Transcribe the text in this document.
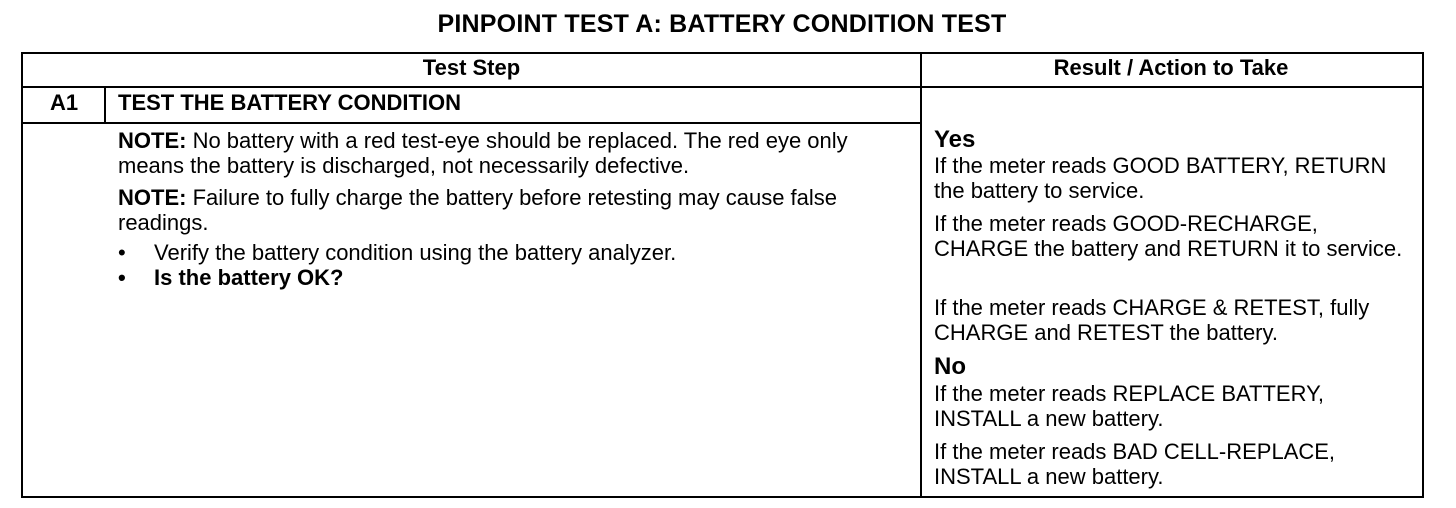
PINPOINT TEST A: BATTERY CONDITION TEST
Test Step	Result / Action to Take
A1	TEST THE BATTERY CONDITION
NOTE: No battery with a red test-eye should be replaced. The red eye only means the battery is discharged, not necessarily defective.
NOTE: Failure to fully charge the battery before retesting may cause false readings.
• Verify the battery condition using the battery analyzer.
• Is the battery OK?
Yes
If the meter reads GOOD BATTERY, RETURN the battery to service.
If the meter reads GOOD-RECHARGE, CHARGE the battery and RETURN it to service.
If the meter reads CHARGE & RETEST, fully CHARGE and RETEST the battery.
No
If the meter reads REPLACE BATTERY, INSTALL a new battery.
If the meter reads BAD CELL-REPLACE, INSTALL a new battery.
